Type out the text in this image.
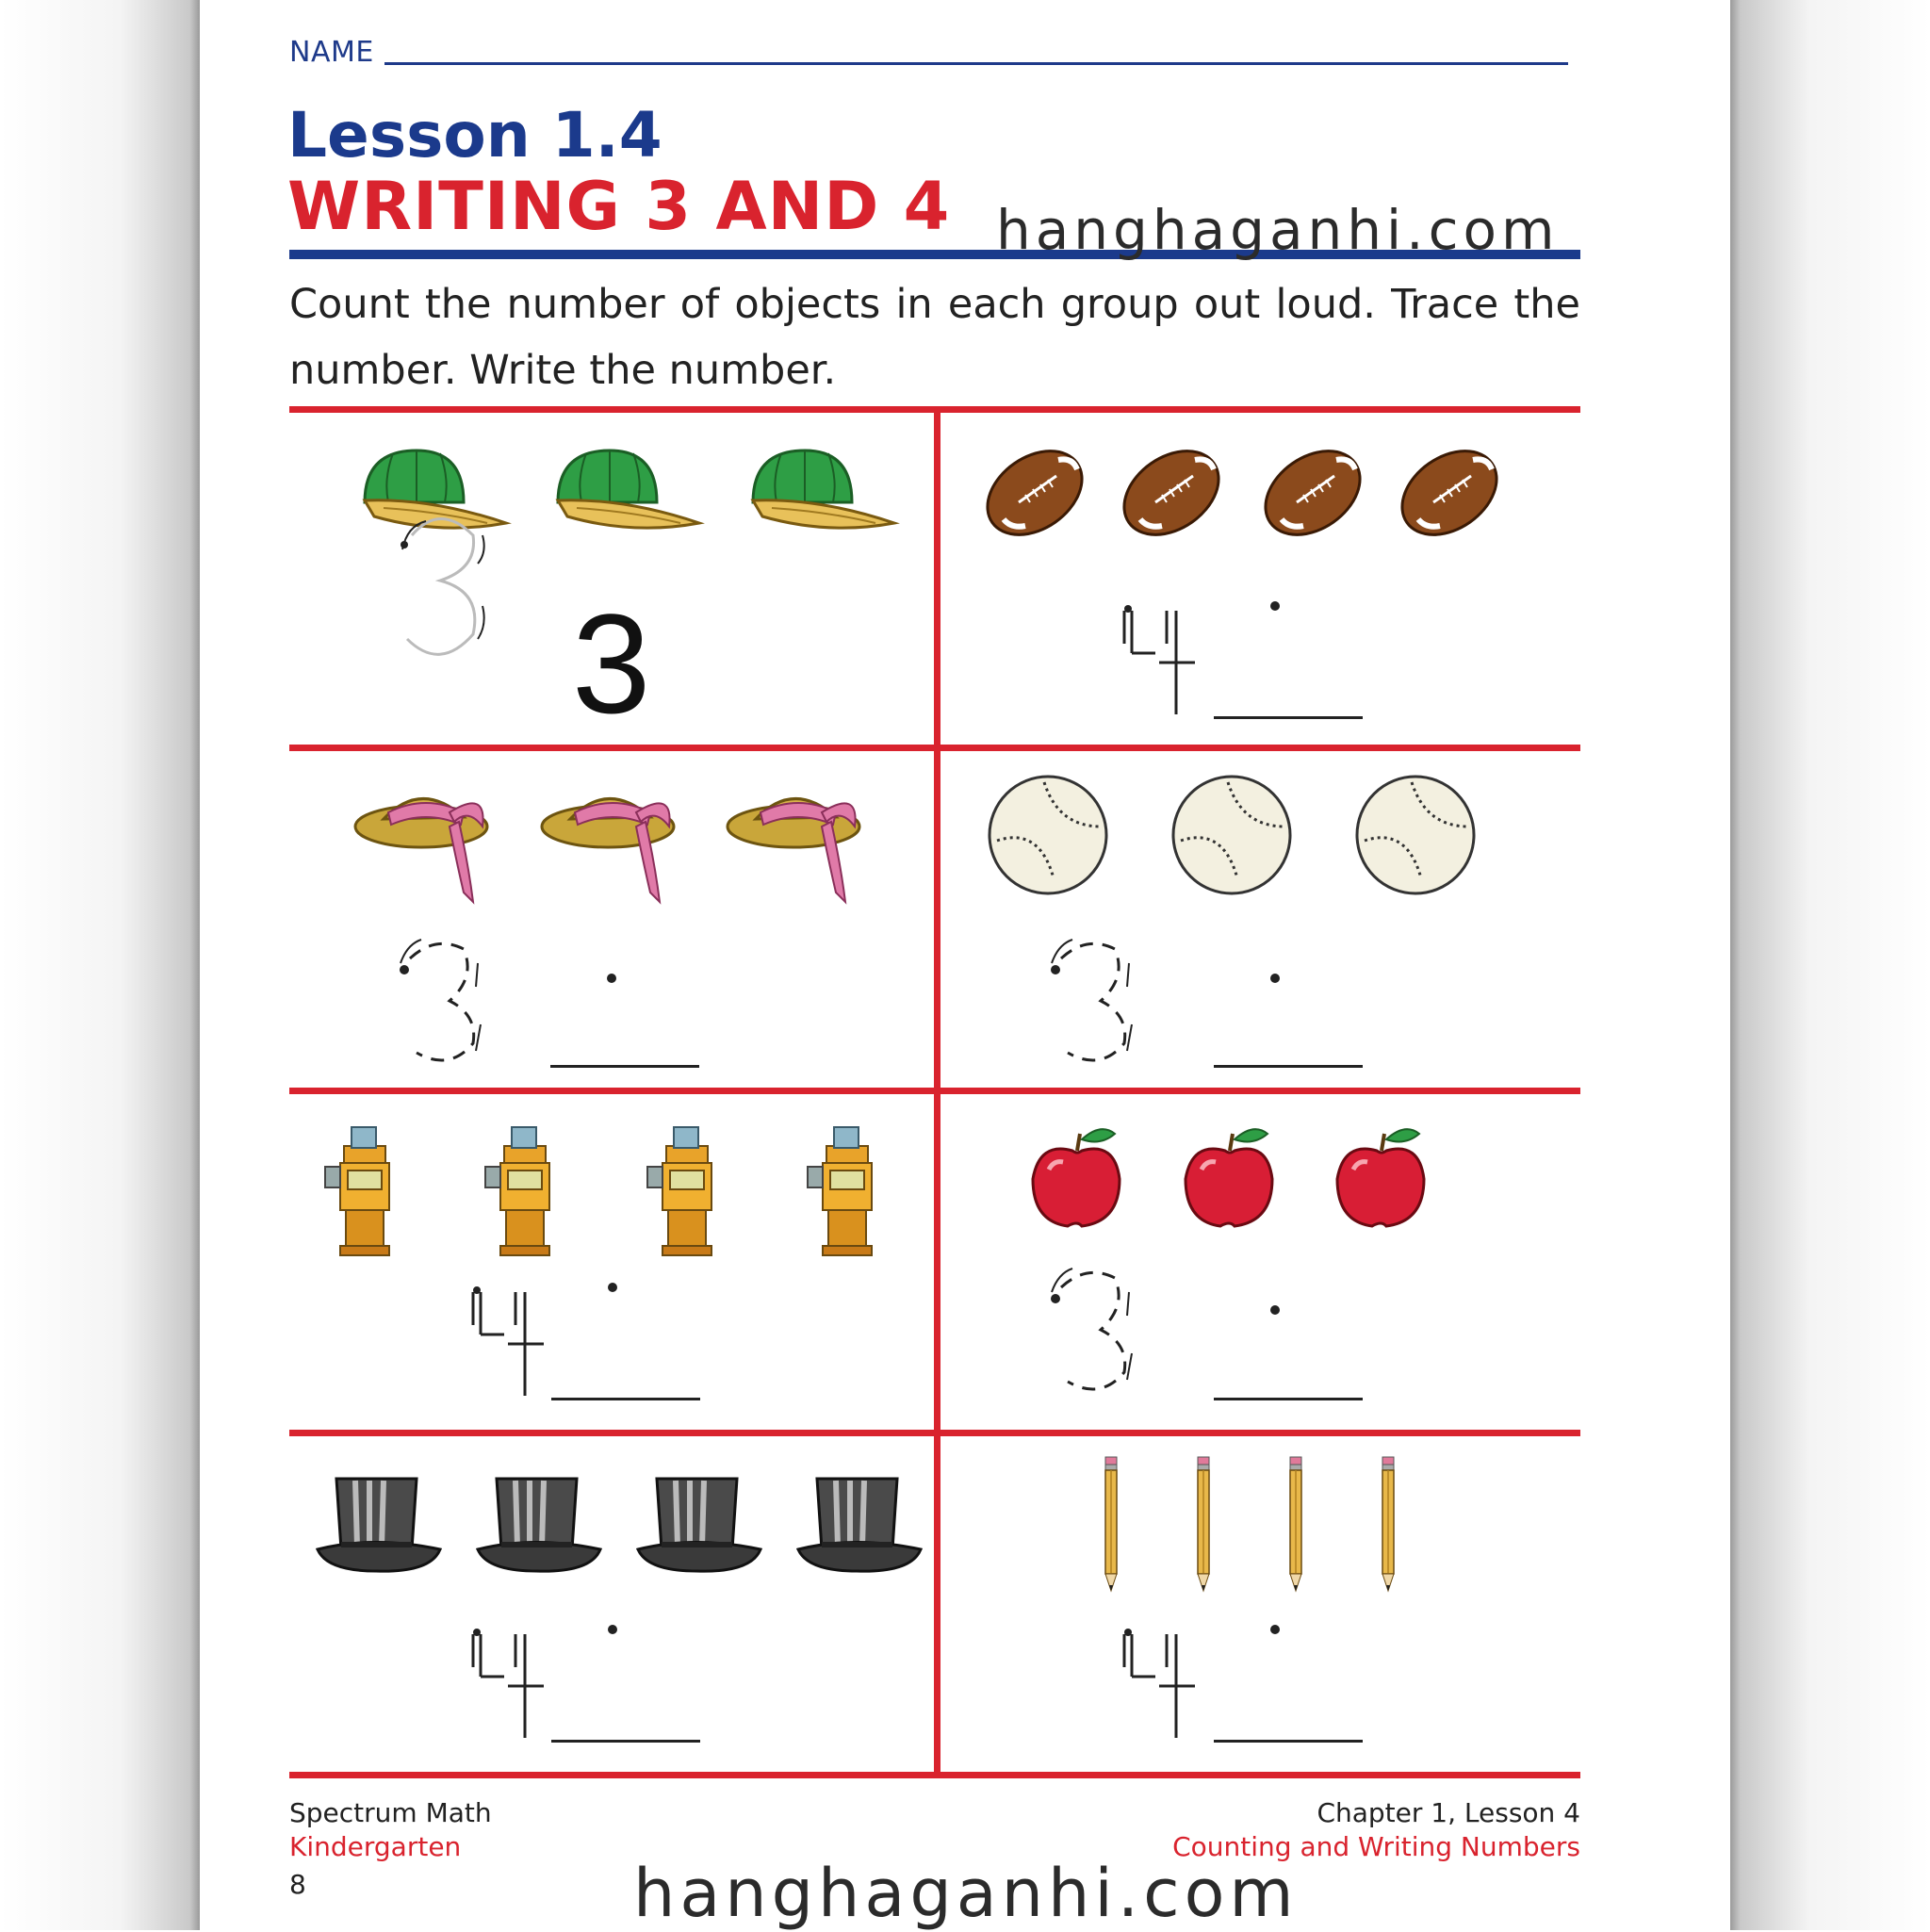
NAME
Lesson 1.4
WRITING 3 AND 4 hanghaganhi.com
Count the number of objects in each group out loud. Trace the number. Write the number.
3
Spectrum Math
Kindergarten
8
Chapter 1, Lesson 4
Counting and Writing Numbers
hanghaganhi.com
